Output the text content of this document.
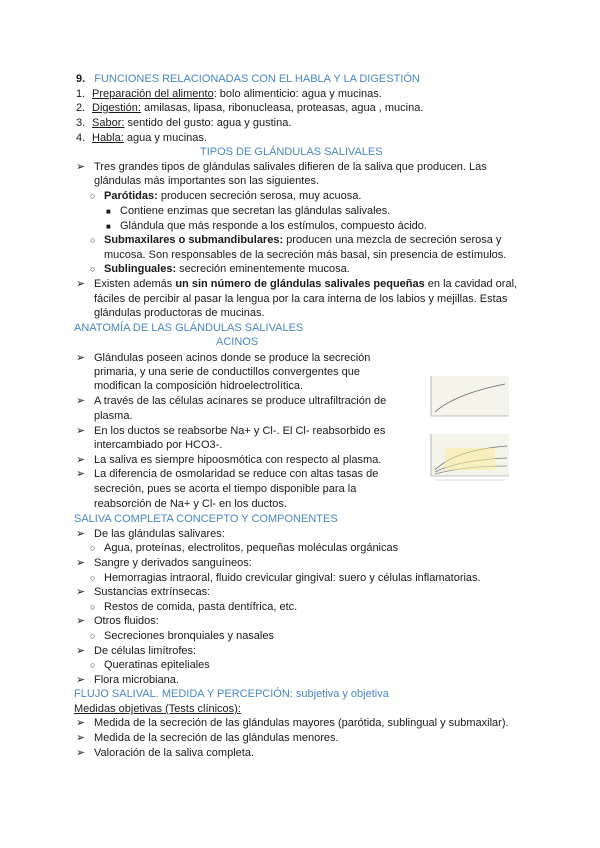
9. FUNCIONES RELACIONADAS CON EL HABLA Y LA DIGESTIÓN
1. Preparación del alimento: bolo alimenticio: agua y mucinas.
2. Digestión: amilasas, lipasa, ribonucleasa, proteasas, agua , mucina.
3. Sabor: sentido del gusto: agua y gustina.
4. Habla: agua y mucinas.
TIPOS DE GLÁNDULAS SALIVALES
➢ Tres grandes tipos de glándulas salivales difieren de la saliva que producen. Las
glándulas más importantes son las siguientes.
○ Parótidas: producen secreción serosa, muy acuosa.
■ Contiene enzimas que secretan las glándulas salivales.
■ Glándula que más responde a los estímulos, compuesto ácido.
○ Submaxilares o submandibulares: producen una mezcla de secreción serosa y
mucosa. Son responsables de la secreción más basal, sin presencia de estímulos.
○ Sublinguales: secreción eminentemente mucosa.
➢ Existen además un sin número de glándulas salivales pequeñas en la cavidad oral,
fáciles de percibir al pasar la lengua por la cara interna de los labios y mejillas. Estas
glándulas productoras de mucinas.
ANATOMÍA DE LAS GLÁNDULAS SALIVALES
ACINOS
➢ Glándulas poseen acinos donde se produce la secreción
primaria, y una serie de conductillos convergentes que
modifican la composición hidroelectrolítica.
➢ A través de las células acinares se produce ultrafiltración de
plasma.
➢ En los ductos se reabsorbe Na+ y Cl-. El Cl- reabsorbido es
intercambiado por HCO3-.
➢ La saliva es siempre hipoosmótica con respecto al plasma.
➢ La diferencia de osmolaridad se reduce con altas tasas de
secreción, pues se acorta el tiempo disponible para la
reabsorción de Na+ y Cl- en los ductos.
SALIVA COMPLETA CONCEPTO Y COMPONENTES
➢ De las glándulas salivares:
○ Agua, proteínas, electrolitos, pequeñas moléculas orgánicas
➢ Sangre y derivados sanguíneos:
○ Hemorragias intraoral, fluido crevicular gingival: suero y células inflamatorias.
➢ Sustancias extrínsecas:
○ Restos de comida, pasta dentífrica, etc.
➢ Otros fluidos:
○ Secreciones bronquiales y nasales
➢ De células limítrofes:
○ Queratinas epiteliales
➢ Flora microbiana.
FLUJO SALIVAL. MEDIDA Y PERCEPCIÓN: subjetiva y objetiva
Medidas objetivas (Tests clínicos):
➢ Medida de la secreción de las glándulas mayores (parótida, sublingual y submaxilar).
➢ Medida de la secreción de las glándulas menores.
➢ Valoración de la saliva completa.
